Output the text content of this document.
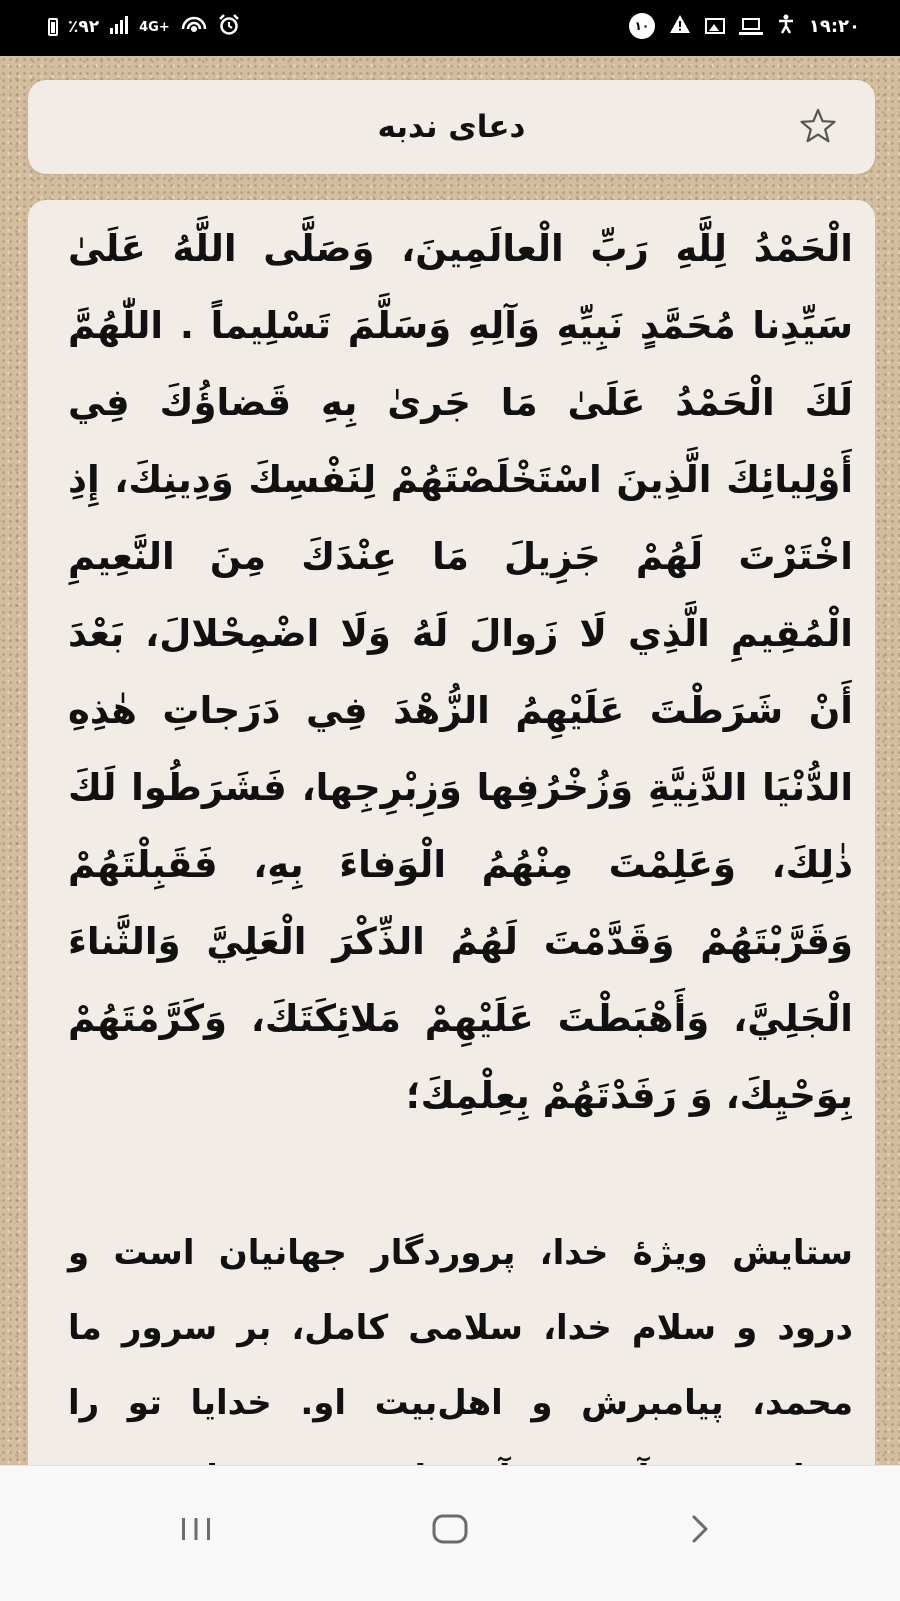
٪۹۲	4G+	۱۰	۱۹:۲۰
دعای ندبه

الْحَمْدُ لِلَّهِ رَبِّ الْعالَمِينَ، وَصَلَّى اللَّهُ عَلَىٰ سَيِّدِنا مُحَمَّدٍ نَبِيِّهِ وَآلِهِ وَسَلَّمَ تَسْلِيماً . اللّٰهُمَّ لَكَ الْحَمْدُ عَلَىٰ مَا جَرىٰ بِهِ قَضاؤُكَ فِي أَوْلِيائِكَ الَّذِينَ اسْتَخْلَصْتَهُمْ لِنَفْسِكَ وَدِينِكَ، إِذِ اخْتَرْتَ لَهُمْ جَزِيلَ مَا عِنْدَكَ مِنَ النَّعِيمِ الْمُقِيمِ الَّذِي لَا زَوالَ لَهُ وَلَا اضْمِحْلالَ، بَعْدَ أَنْ شَرَطْتَ عَلَيْهِمُ الزُّهْدَ فِي دَرَجاتِ هٰذِهِ الدُّنْيَا الدَّنِيَّةِ وَزُخْرُفِها وَزِبْرِجِها، فَشَرَطُوا لَكَ ذٰلِكَ، وَعَلِمْتَ مِنْهُمُ الْوَفاءَ بِهِ، فَقَبِلْتَهُمْ وَقَرَّبْتَهُمْ وَقَدَّمْتَ لَهُمُ الذِّكْرَ الْعَلِيَّ وَالثَّناءَ الْجَلِيَّ، وَأَهْبَطْتَ عَلَيْهِمْ مَلائِكَتَكَ، وَكَرَّمْتَهُمْ بِوَحْيِكَ، وَ رَفَدْتَهُمْ بِعِلْمِكَ؛

ستایش ویژهٔ خدا، پروردگار جهانیان است و درود و سلام خدا، سلامی کامل، بر سرور ما محمد، پیامبرش و اهل‌بیت او. خدایا تو را
